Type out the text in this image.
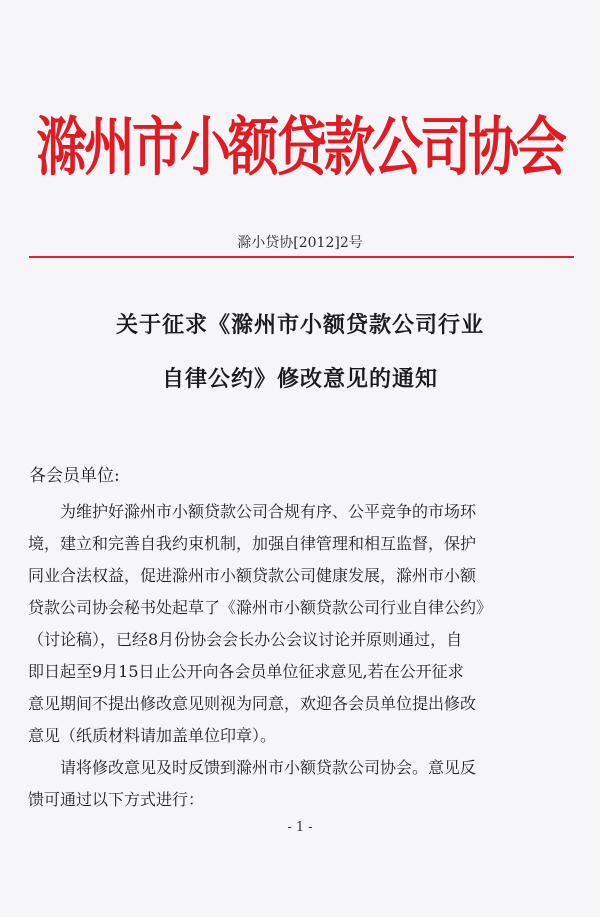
滁州市小额贷款公司协会
滁小贷协[2012]2号
关于征求《滁州市小额贷款公司行业
自律公约》修改意见的通知
各会员单位:
　　为维护好滁州市小额贷款公司合规有序、公平竞争的市场环
境，建立和完善自我约束机制，加强自律管理和相互监督，保护
同业合法权益，促进滁州市小额贷款公司健康发展，滁州市小额
贷款公司协会秘书处起草了《滁州市小额贷款公司行业自律公约》
（讨论稿），已经8月份协会会长办公会议讨论并原则通过，自
即日起至9月15日止公开向各会员单位征求意见,若在公开征求
意见期间不提出修改意见则视为同意，欢迎各会员单位提出修改
意见（纸质材料请加盖单位印章）。
　　请将修改意见及时反馈到滁州市小额贷款公司协会。意见反
馈可通过以下方式进行：
- 1 -
